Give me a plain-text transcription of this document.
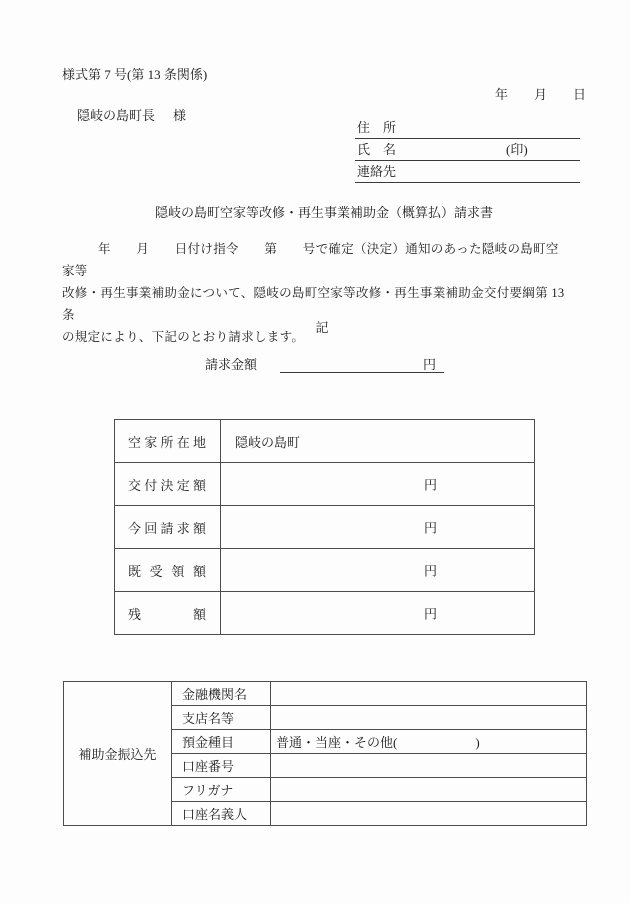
様式第 7 号(第 13 条関係)
年　　月　　日
隠岐の島町長 様
住　所
氏　名	(印)
連絡先
隠岐の島町空家等改修・再生事業補助金（概算払）請求書
年　　月　　日付け指令　　第　　号で確定（決定）通知のあった隠岐の島町空家等
改修・再生事業補助金について、隠岐の島町空家等改修・再生事業補助金交付要綱第 13 条
の規定により、下記のとおり請求します。
記
請求金額	円
空家所在地	隠岐の島町

交付決定額	円

今回請求額	円

既受領額	円

残額	円
補助金振込先	金融機関名	
	支店名等	
	預金種目	普通・当座・その他(　　　　　　)
	口座番号	
	フリガナ	
	口座名義人	
